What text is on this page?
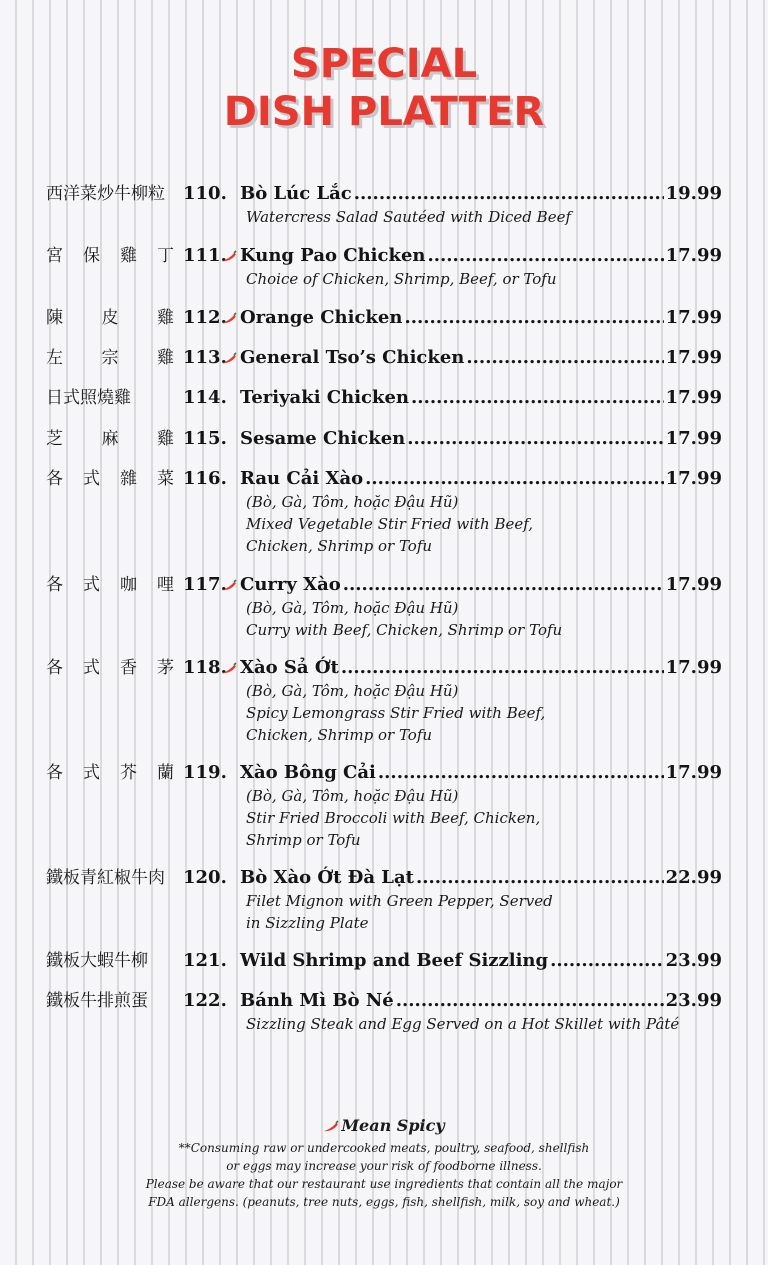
SPECIAL
DISH PLATTER
西洋菜炒牛柳粒	110. Bò Lúc Lắc .....	19.99
Watercress Salad Sautéed with Diced Beef
宮保雞丁 111. Kung Pao Chicken .....	17.99
Choice of Chicken, Shrimp, Beef, or Tofu
陳皮雞 112. Orange Chicken .....	17.99
左宗雞 113. General Tso’s Chicken .....	17.99
日式照燒雞	114. Teriyaki Chicken .....	17.99
芝麻雞 115. Sesame Chicken .....	17.99
各式雜菜 116. Rau Cải Xào .....	17.99
(Bò, Gà, Tôm, hoặc Đậu Hũ)
Mixed Vegetable Stir Fried with Beef,
Chicken, Shrimp or Tofu
各式咖哩 117. Curry Xào .....	17.99
(Bò, Gà, Tôm, hoặc Đậu Hũ)
Curry with Beef, Chicken, Shrimp or Tofu
各式香茅 118. Xào Sả Ớt .....	17.99
(Bò, Gà, Tôm, hoặc Đậu Hũ)
Spicy Lemongrass Stir Fried with Beef,
Chicken, Shrimp or Tofu
各式芥蘭 119. Xào Bông Cải .....	17.99
(Bò, Gà, Tôm, hoặc Đậu Hũ)
Stir Fried Broccoli with Beef, Chicken,
Shrimp or Tofu
鐵板青紅椒牛肉	120. Bò Xào Ớt Đà Lạt .....	22.99
Filet Mignon with Green Pepper, Served
in Sizzling Plate
鐵板大蝦牛柳	121. Wild Shrimp and Beef Sizzling .....	23.99
鐵板牛排煎蛋	122. Bánh Mì Bò Né .....	23.99
Sizzling Steak and Egg Served on a Hot Skillet with Pâté
Mean Spicy
**Consuming raw or undercooked meats, poultry, seafood, shellfish
or eggs may increase your risk of foodborne illness.
Please be aware that our restaurant use ingredients that contain all the major
FDA allergens. (peanuts, tree nuts, eggs, fish, shellfish, milk, soy and wheat.)
